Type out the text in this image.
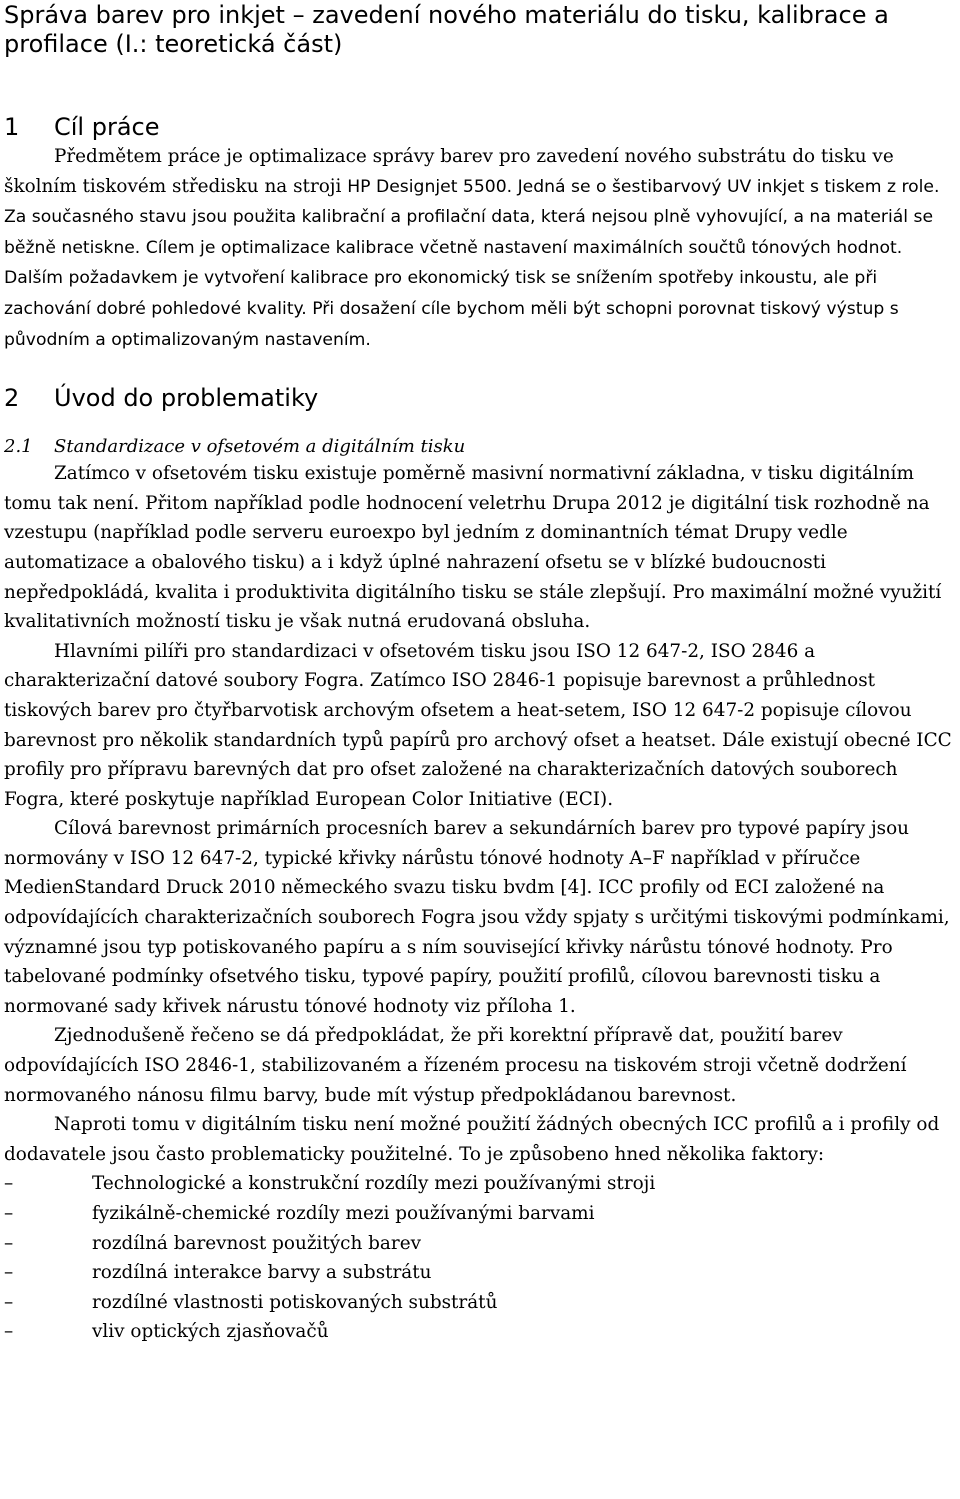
Správa barev pro inkjet – zavedení nového materiálu do tisku, kalibrace a profilace (I.: teoretická část)
1	Cíl práce

Předmětem práce je optimalizace správy barev pro zavedení nového substrátu do tisku ve školním tiskovém středisku na stroji HP Designjet 5500. Jedná se o šestibarvový UV inkjet s tiskem z role. Za současného stavu jsou použita kalibrační a profilační data, která nejsou plně vyhovující, a na materiál se běžně netiskne. Cílem je optimalizace kalibrace včetně nastavení maximálních součtů tónových hodnot. Dalším požadavkem je vytvoření kalibrace pro ekonomický tisk se snížením spotřeby inkoustu, ale při zachování dobré pohledové kvality. Při dosažení cíle bychom měli být schopni porovnat tiskový výstup s původním a optimalizovaným nastavením.

2	Úvod do problematiky
2.1	Standardizace v ofsetovém a digitálním tisku

Zatímco v ofsetovém tisku existuje poměrně masivní normativní základna, v tisku digitálním tomu tak není. Přitom například podle hodnocení veletrhu Drupa 2012 je digitální tisk rozhodně na vzestupu (například podle serveru euroexpo byl jedním z dominantních témat Drupy vedle automatizace a obalového tisku) a i když úplné nahrazení ofsetu se v blízké budoucnosti nepředpokládá, kvalita i produktivita digitálního tisku se stále zlepšují. Pro maximální možné využití kvalitativních možností tisku je však nutná erudovaná obsluha.

Hlavními pilíři pro standardizaci v ofsetovém tisku jsou ISO 12 647-2, ISO 2846 a charakterizační datové soubory Fogra. Zatímco ISO 2846-1 popisuje barevnost a průhlednost tiskových barev pro čtyřbarvotisk archovým ofsetem a heat-setem, ISO 12 647-2 popisuje cílovou barevnost pro několik standardních typů papírů pro archový ofset a heatset. Dále existují obecné ICC profily pro přípravu barevných dat pro ofset založené na charakterizačních datových souborech Fogra, které poskytuje například European Color Initiative (ECI).

Cílová barevnost primárních procesních barev a sekundárních barev pro typové papíry jsou normovány v ISO 12 647-2, typické křivky nárůstu tónové hodnoty A–F například v příručce MedienStandard Druck 2010 německého svazu tisku bvdm [4]. ICC profily od ECI založené na odpovídajících charakterizačních souborech Fogra jsou vždy spjaty s určitými tiskovými podmínkami, významné jsou typ potiskovaného papíru a s ním související křivky nárůstu tónové hodnoty. Pro tabelované podmínky ofsetvého tisku, typové papíry, použití profilů, cílovou barevnosti tisku a normované sady křivek nárustu tónové hodnoty viz příloha 1.

Zjednodušeně řečeno se dá předpokládat, že při korektní přípravě dat, použití barev odpovídajících ISO 2846-1, stabilizovaném a řízeném procesu na tiskovém stroji včetně dodržení normovaného nánosu filmu barvy, bude mít výstup předpokládanou barevnost.

Naproti tomu v digitálním tisku není možné použití žádných obecných ICC profilů a i profily od dodavatele jsou často problematicky použitelné. To je způsobeno hned několika faktory:

–	Technologické a konstrukční rozdíly mezi používanými stroji
–	fyzikálně-chemické rozdíly mezi používanými barvami
–	rozdílná barevnost použitých barev
–	rozdílná interakce barvy a substrátu
–	rozdílné vlastnosti potiskovaných substrátů
–	vliv optických zjasňovačů
